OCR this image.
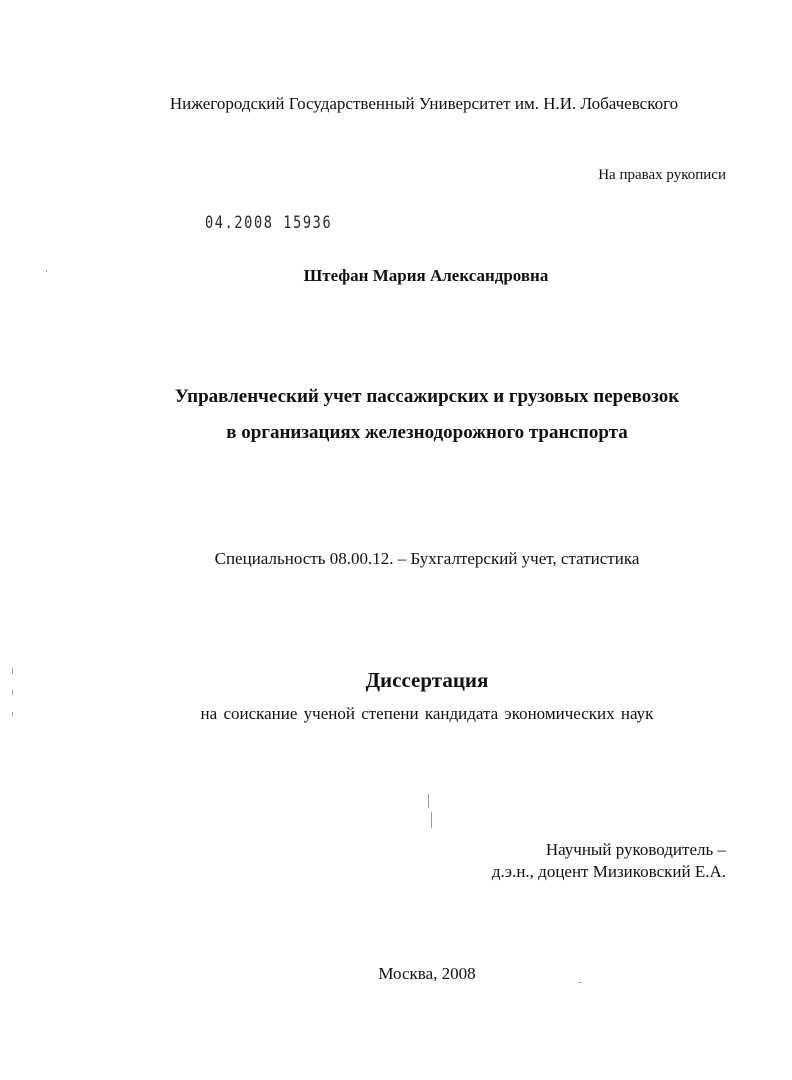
Нижегородский Государственный Университет им. Н.И. Лобачевского
На правах рукописи
04.2008 15936
Штефан Мария Александровна
Управленческий учет пассажирских и грузовых перевозок
в организациях железнодорожного транспорта
Специальность 08.00.12. – Бухгалтерский учет, статистика
Диссертация
на соискание ученой степени кандидата экономических наук
Научный руководитель –
д.э.н., доцент Мизиковский Е.А.
Москва, 2008
